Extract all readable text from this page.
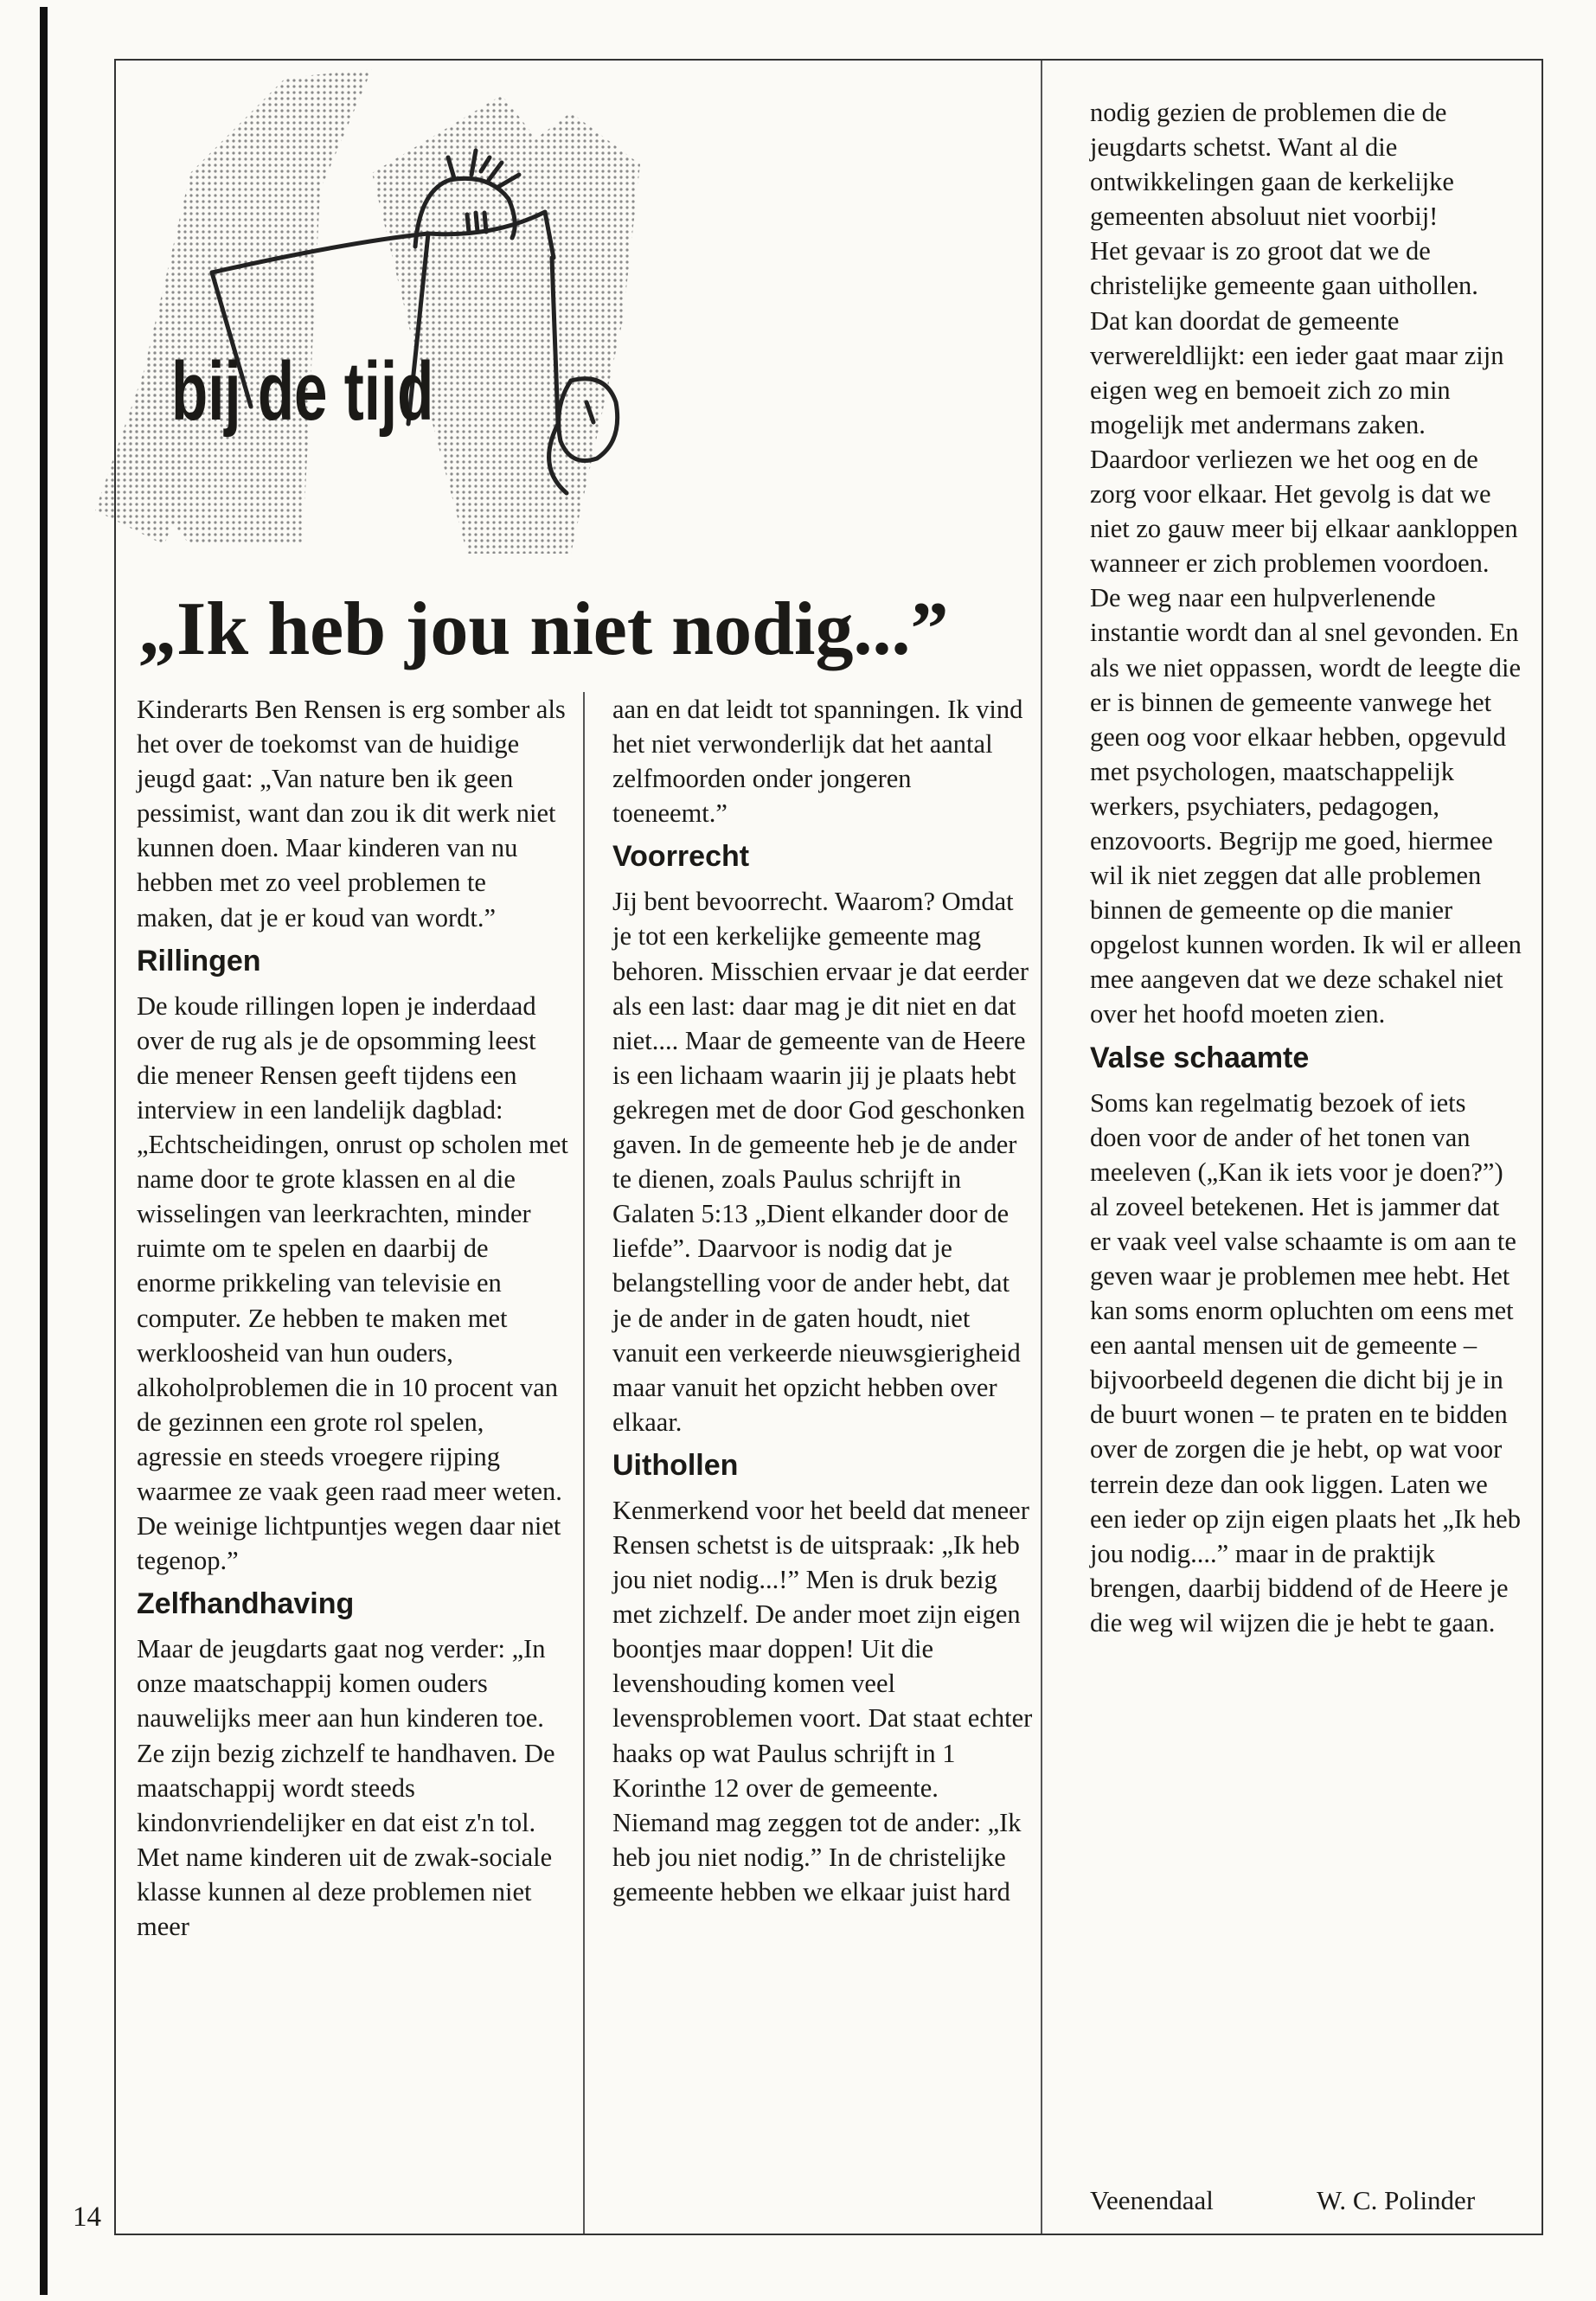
bij de tijd
„Ik heb jou niet nodig...”

Kinderarts Ben Rensen is erg somber als het over de toekomst van de huidige jeugd gaat: „Van nature ben ik geen pessimist, want dan zou ik dit werk niet kunnen doen. Maar kinderen van nu hebben met zo veel problemen te maken, dat je er koud van wordt.”

Rillingen

De koude rillingen lopen je inderdaad over de rug als je de opsomming leest die meneer Rensen geeft tijdens een interview in een landelijk dagblad: „Echtscheidingen, onrust op scholen met name door te grote klassen en al die wisselingen van leerkrachten, minder ruimte om te spelen en daarbij de enorme prikkeling van televisie en computer. Ze hebben te maken met werkloosheid van hun ouders, alkoholproblemen die in 10 procent van de gezinnen een grote rol spelen, agressie en steeds vroegere rijping waarmee ze vaak geen raad meer weten. De weinige lichtpuntjes wegen daar niet tegenop.”

Zelfhandhaving

Maar de jeugdarts gaat nog verder: „In onze maatschappij komen ouders nauwelijks meer aan hun kinderen toe. Ze zijn bezig zichzelf te handhaven. De maatschappij wordt steeds kindonvriendelijker en dat eist z'n tol. Met name kinderen uit de zwak-sociale klasse kunnen al deze problemen niet meer

aan en dat leidt tot spanningen. Ik vind het niet verwonderlijk dat het aantal zelfmoorden onder jongeren toeneemt.”

Voorrecht

Jij bent bevoorrecht. Waarom? Omdat je tot een kerkelijke gemeente mag behoren. Misschien ervaar je dat eerder als een last: daar mag je dit niet en dat niet.... Maar de gemeente van de Heere is een lichaam waarin jij je plaats hebt gekregen met de door God geschonken gaven. In de gemeente heb je de ander te dienen, zoals Paulus schrijft in Galaten 5:13 „Dient elkander door de liefde”. Daarvoor is nodig dat je belangstelling voor de ander hebt, dat je de ander in de gaten houdt, niet vanuit een verkeerde nieuwsgierigheid maar vanuit het opzicht hebben over elkaar.

Uithollen

Kenmerkend voor het beeld dat meneer Rensen schetst is de uitspraak: „Ik heb jou niet nodig...!” Men is druk bezig met zichzelf. De ander moet zijn eigen boontjes maar doppen! Uit die levenshouding komen veel levensproblemen voort. Dat staat echter haaks op wat Paulus schrijft in 1 Korinthe 12 over de gemeente. Niemand mag zeggen tot de ander: „Ik heb jou niet nodig.” In de christelijke gemeente hebben we elkaar juist hard

nodig gezien de problemen die de jeugdarts schetst. Want al die ontwikkelingen gaan de kerkelijke gemeenten absoluut niet voorbij!

Het gevaar is zo groot dat we de christelijke gemeente gaan uithollen. Dat kan doordat de gemeente verwereldlijkt: een ieder gaat maar zijn eigen weg en bemoeit zich zo min mogelijk met andermans zaken. Daardoor verliezen we het oog en de zorg voor elkaar. Het gevolg is dat we niet zo gauw meer bij elkaar aankloppen wanneer er zich problemen voordoen. De weg naar een hulpverlenende instantie wordt dan al snel gevonden. En als we niet oppassen, wordt de leegte die er is binnen de gemeente vanwege het geen oog voor elkaar hebben, opgevuld met psychologen, maatschappelijk werkers, psychiaters, pedagogen, enzovoorts. Begrijp me goed, hiermee wil ik niet zeggen dat alle problemen binnen de gemeente op die manier opgelost kunnen worden. Ik wil er alleen mee aangeven dat we deze schakel niet over het hoofd moeten zien.

Valse schaamte

Soms kan regelmatig bezoek of iets doen voor de ander of het tonen van meeleven („Kan ik iets voor je doen?”) al zoveel betekenen. Het is jammer dat er vaak veel valse schaamte is om aan te geven waar je problemen mee hebt. Het kan soms enorm opluchten om eens met een aantal mensen uit de gemeente – bijvoorbeeld degenen die dicht bij je in de buurt wonen – te praten en te bidden over de zorgen die je hebt, op wat voor terrein deze dan ook liggen. Laten we een ieder op zijn eigen plaats het „Ik heb jou nodig....” maar in de praktijk brengen, daarbij biddend of de Heere je die weg wil wijzen die je hebt te gaan.

Veenendaal	W. C. Polinder
14
